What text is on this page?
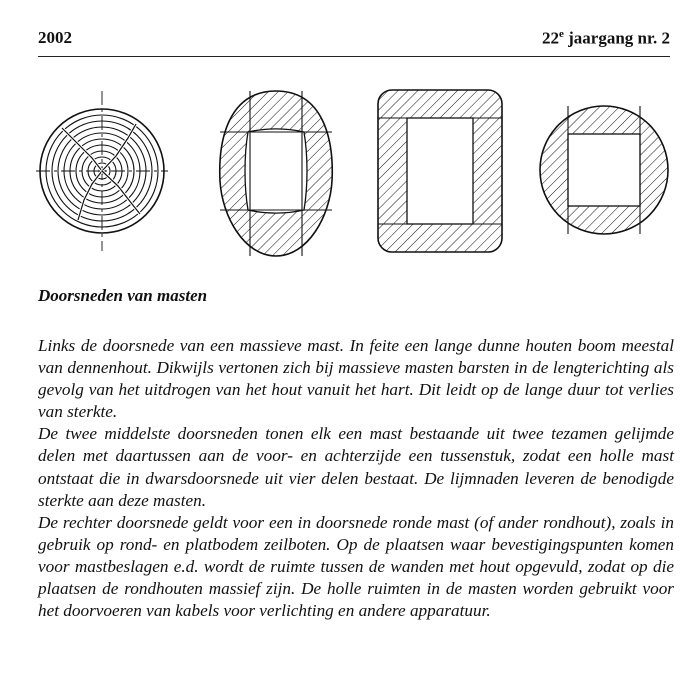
2002	22e jaargang nr. 2
Doorsneden van masten

Links de doorsnede van een massieve mast. In feite een lange dunne houten boom meestal van dennenhout. Dikwijls vertonen zich bij massieve masten barsten in de lengterichting als gevolg van het uitdrogen van het hout vanuit het hart. Dit leidt op de lange duur tot verlies van sterkte.

De twee middelste doorsneden tonen elk een mast bestaande uit twee tezamen gelijmde delen met daartussen aan de voor- en achterzijde een tussenstuk, zodat een holle mast ontstaat die in dwarsdoorsnede uit vier delen bestaat. De lijmnaden leveren de benodigde sterkte aan deze masten.

De rechter doorsnede geldt voor een in doorsnede ronde mast (of ander rondhout), zoals in gebruik op rond- en platbodem zeilboten. Op de plaatsen waar bevestigingspunten komen voor mastbeslagen e.d. wordt de ruimte tussen de wanden met hout opgevuld, zodat op die plaatsen de rondhouten massief zijn. De holle ruimten in de masten worden gebruikt voor het doorvoeren van kabels voor verlichting en andere apparatuur.
